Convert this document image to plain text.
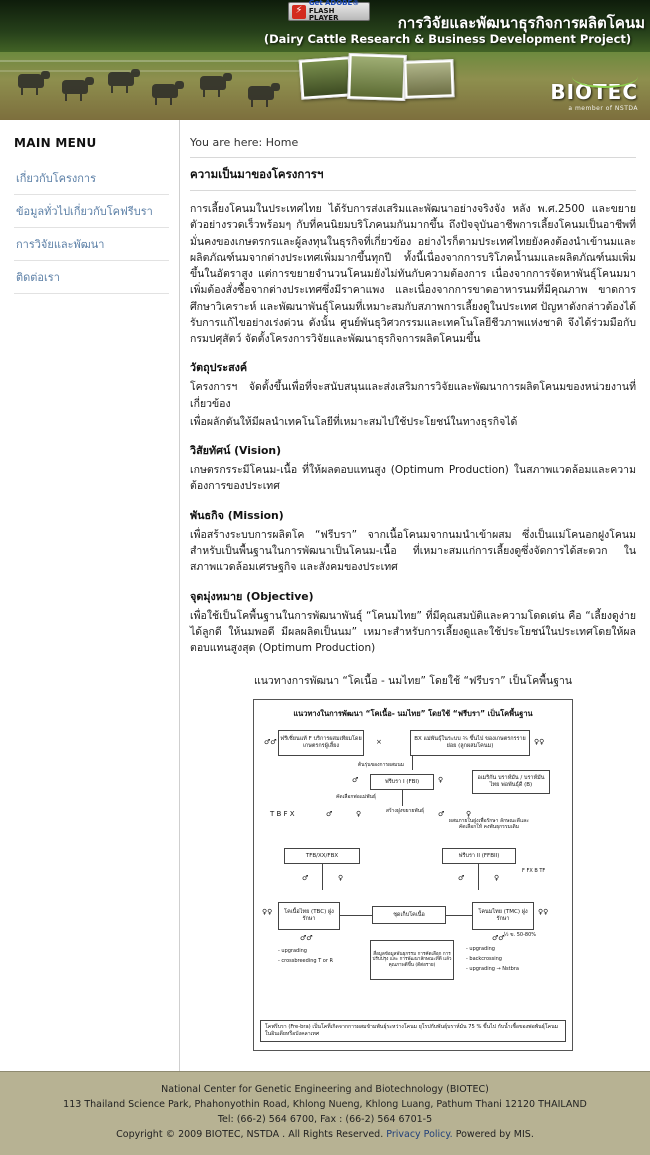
⚡
Get ADOBE®
FLASH PLAYER	การวิจัยและพัฒนาธุรกิจการผลิตโคนม
(Dairy Cattle Research & Business Development Project)
BIOTEC
a member of NSTDA
MAIN MENU
เกี่ยวกับโครงการ
ข้อมูลทั่วไปเกี่ยวกับโคฟรีบรา
การวิจัยและพัฒนา
ติดต่อเรา
You are here: Home
ความเป็นมาของโครงการฯ

การเลี้ยงโคนมในประเทศไทย ได้รับการส่งเสริมและพัฒนาอย่างจริงจัง หลัง พ.ศ.2500 และขยายตัวอย่างรวดเร็วพร้อมๆ กับที่คนนิยมบริโภคนมกันมากขึ้น ถึงปัจจุบันอาชีพการเลี้ยงโคนมเป็นอาชีพที่มั่นคงของเกษตรกรและผู้ลงทุนในธุรกิจที่เกี่ยวข้อง อย่างไรก็ตามประเทศไทยยังคงต้องนำเข้านมและผลิตภัณฑ์นมจากต่างประเทศเพิ่มมากขึ้นทุกปี ทั้งนี้เนื่องจากการบริโภคน้ำนมและผลิตภัณฑ์นมเพิ่มขึ้นในอัตราสูง แต่การขยายจำนวนโคนมยังไม่ทันกับความต้องการ เนื่องจากการจัดหาพันธุ์โคนมมาเพิ่มต้องสั่งซื้อจากต่างประเทศซึ่งมีราคาแพง และเนื่องจากการขาดอาหารนมที่มีคุณภาพ ขาดการศึกษาวิเคราะห์ และพัฒนาพันธุ์โคนมที่เหมาะสมกับสภาพการเลี้ยงดูในประเทศ ปัญหาดังกล่าวต้องได้รับการแก้ไขอย่างเร่งด่วน ดังนั้น ศูนย์พันธุวิศวกรรมและเทคโนโลยีชีวภาพแห่งชาติ จึงได้ร่วมมือกับกรมปศุสัตว์ จัดตั้งโครงการวิจัยและพัฒนาธุรกิจการผลิตโคนมขึ้น

วัตถุประสงค์

โครงการฯ จัดตั้งขึ้นเพื่อที่จะสนับสนุนและส่งเสริมการวิจัยและพัฒนาการผลิตโคนมของหน่วยงานที่เกี่ยวข้อง

เพื่อผลักดันให้มีผลนำเทคโนโลยีที่เหมาะสมไปใช้ประโยชน์ในทางธุรกิจได้

วิสัยทัศน์ (Vision)

เกษตรกรระมีโคนม-เนื้อ ที่ให้ผลตอบแทนสูง (Optimum Production) ในสภาพแวดล้อมและความต้องการของประเทศ

พันธกิจ (Mission)

เพื่อสร้างระบบการผลิตโค “ฟรีบรา” จากเนื้อโคนมจากนมนำเข้าผสม ซึ่งเป็นแม่โคนอกฝูงโคนมสำหรับเป็นพื้นฐานในการพัฒนาเป็นโคนม-เนื้อ ที่เหมาะสมแก่การเลี้ยงดูซึ่งจัดการได้สะดวก ในสภาพแวดล้อมเศรษฐกิจ และสังคมของประเทศ

จุดมุ่งหมาย (Objective)

เพื่อใช้เป็นโคพื้นฐานในการพัฒนาพันธุ์ “โคนมไทย” ที่มีคุณสมบัติและความโดดเด่น คือ “เลี้ยงดูง่าย ได้ลูกดี ให้นมพอดี มีผลผลิตเป็นนม” เหมาะสำหรับการเลี้ยงดูและใช้ประโยชน์ในประเทศโดยให้ผลตอบแทนสูงสุด (Optimum Production)

แนวทางการพัฒนา “โคเนื้อ - นมไทย” โดยใช้ “ฟรีบรา” เป็นโคพื้นฐาน

แนวทางในการพัฒนา “โคเนื้อ- นมไทย” โดยใช้ “ฟรีบรา” เป็นโคพื้นฐาน
ฟรีเชี่ยนแท้ F บริการผสมเทียมโดยเกษตรกรผู้เลี้ยง	×	BX แม่พันธุ์ในระบบ ¾ ขึ้นไป ของเกษตรกรรายย่อย (ลูกผสมโคนม)
♂♂	♀♀
ต้นรุ่นของการผสมนม
ฟรีบรา I (FBI)
♂	♀	อเมริกัน บราห์มัน / บราห์มันไทย พ่อพันธุ์ดี (B)
คัดเลือกพ่อแม่พันธุ์
T B F X	♂	♀	♂	♀
สร้างฝูงขยายพันธุ์
ผสมภายในฝูงเพื่อรักษา ลักษณะดีและคัดเลือกให้ คงพันธุกรรมเดิม
TFB/XX/FBX	ฟรีบรา II (FFBII)
♂	♀	♂	♀
F FX B TF
โคเนื้อไทย (TBC) ฝูงรักษา
ชุดเก็บโคเนื้อ	โคนมไทย (TMC) ฝูงรักษา
♀♀	♀♀
♂♂	♂♂ ½ ข. 50-80%
สื่อมูลข้อมูลพันธุกรรม การคัดเลือก การปรับปรุง และ การพัฒนาลักษณะที่ดี แล้ว คุณภาพดีขึ้น (ดีต่อราย)
- upgrading
- crossbreeding T or R
- upgrading
- backcrossing
- upgrading → Nstbra
โคฟรีบรา (Fre-bra) เป็นโคที่เกิดจากการผสมข้ามพันธุ์ระหว่างโคนม ยุโรปกับพันธุ์บราห์มัน 75 % ขึ้นไป กับน้ำเชื้อของพ่อพันธุ์โคนมในอินเดียหรือบังคลาเทศ
National Center for Genetic Engineering and Biotechnology (BIOTEC)
113 Thailand Science Park, Phahonyothin Road, Khlong Nueng, Khlong Luang, Pathum Thani 12120 THAILAND
Tel: (66-2) 564 6700, Fax : (66-2) 564 6701-5
Copyright © 2009 BIOTEC, NSTDA . All Rights Reserved. Privacy Policy. Powered by MIS.
